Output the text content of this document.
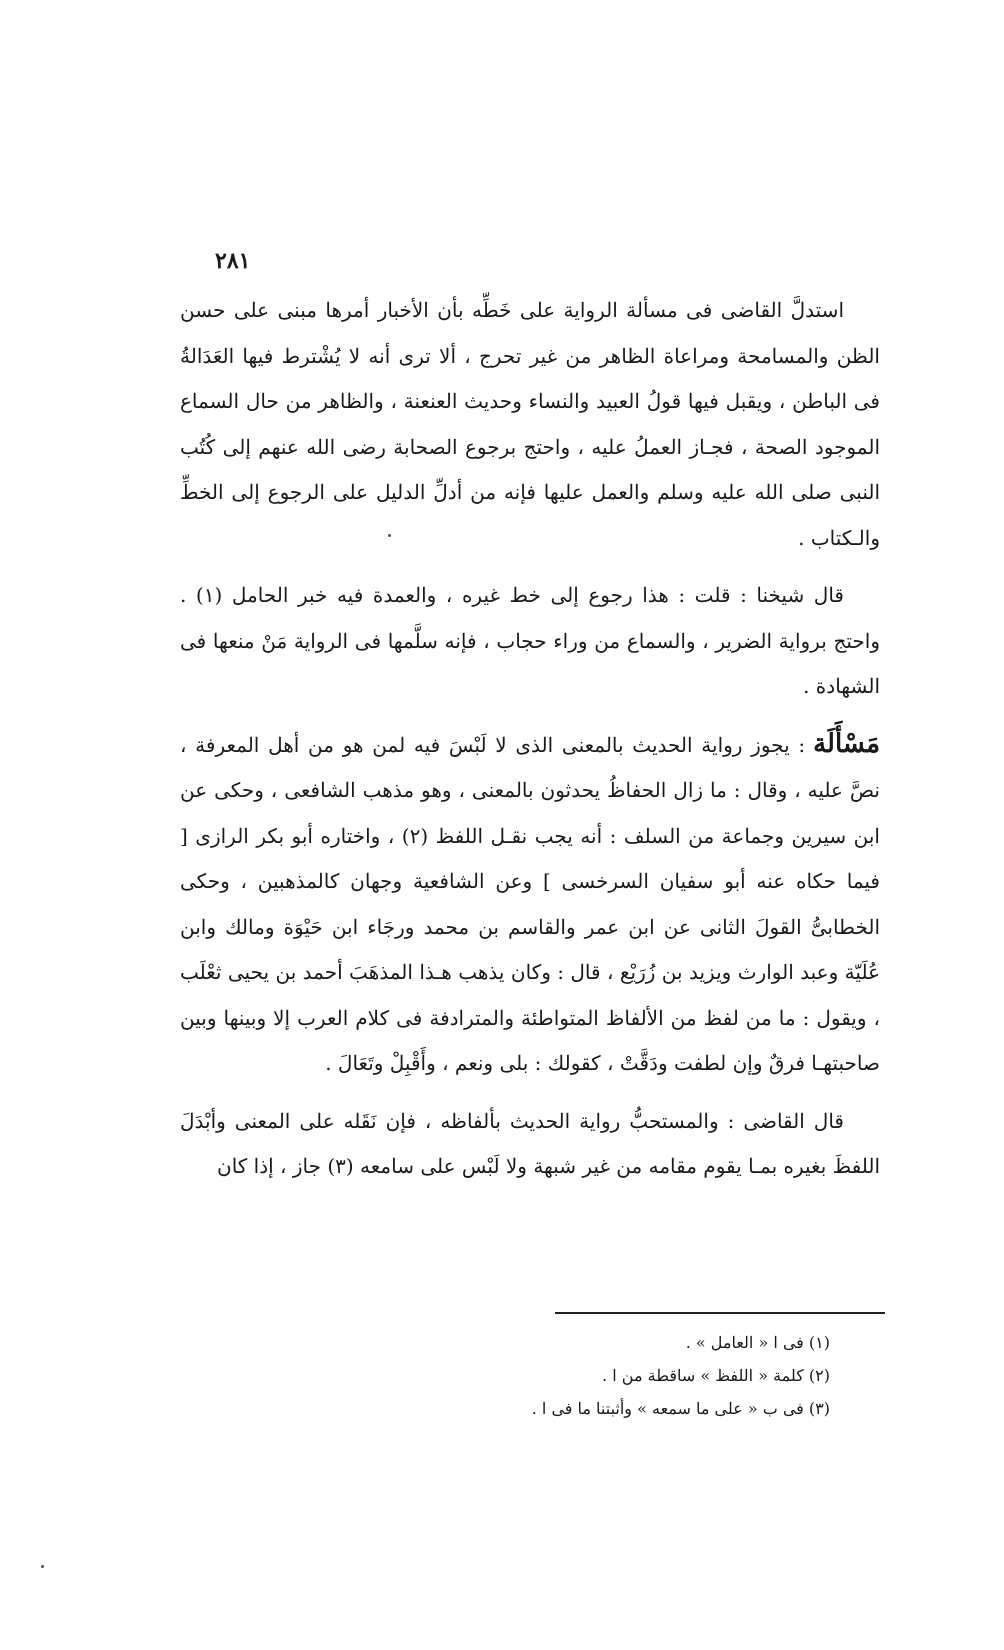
٢٨١

استدلَّ القاضى فى مسألة الرواية على خَطِّه بأن الأخبار أمرها مبنى على حسن الظن والمسامحة ومراعاة الظاهر من غير تحرج ، ألا ترى أنه لا يُشْترط فيها العَدَالةُ فى الباطن ، ويقبل فيها قولُ العبيد والنساء وحديث العنعنة ، والظاهر من حال السماع الموجود الصحة ، فجـاز العملُ عليه ، واحتج برجوع الصحابة رضى الله عنهم إلى كُتُب النبى صلى الله عليه وسلم والعمل عليها فإنه من أدلِّ الدليل على الرجوع إلى الخطِّ والـكتاب .

قال شيخنا : قلت : هذا رجوع إلى خط غيره ، والعمدة فيه خبر الحامل (١) . واحتج برواية الضرير ، والسماع من وراء حجاب ، فإنه سلَّمها فى الرواية مَنْ منعها فى الشهادة .

مَسْأَلَة: يجوز رواية الحديث بالمعنى الذى لا لَبْسَ فيه لمن هو من أهل المعرفة ، نصَّ عليه ، وقال : ما زال الحفاظُ يحدثون بالمعنى ، وهو مذهب الشافعى ، وحكى عن ابن سيرين وجماعة من السلف : أنه يجب نقـل اللفظ (٢) ، واختاره أبو بكر الرازى [ فيما حكاه عنه أبو سفيان السرخسى ] وعن الشافعية وجهان كالمذهبين ، وحكى الخطابىُّ القولَ الثانى عن ابن عمر والقاسم بن محمد ورجَاء ابن حَيْوَة ومالك وابن عُلَيّة وعبد الوارث ويزيد بن زُرَيْع ، قال : وكان يذهب هـذا المذهَبَ أحمد بن يحيى ثعْلَب ، ويقول : ما من لفظ من الألفاظ المتواطئة والمترادفة فى كلام العرب إلا وبينها وبين صاحبتهـا فرقٌ وإن لطفت ودَقَّتْ ، كقولك : بلى ونعم ، وأَقْبِلْ وتَعَالَ .

قال القاضى : والمستحبُّ رواية الحديث بألفاظه ، فإن نَقَله على المعنى وأبْدَلَ اللفظَ بغيره بمـا يقوم مقامه من غير شبهة ولا لَبْس على سامعه (٣) جاز ، إذا كان

(١) فى ا « العامل » .

(٢) كلمة « اللفظ » ساقطة من ا .

(٣) فى ب « على ما سمعه » وأثبتنا ما فى ا .
